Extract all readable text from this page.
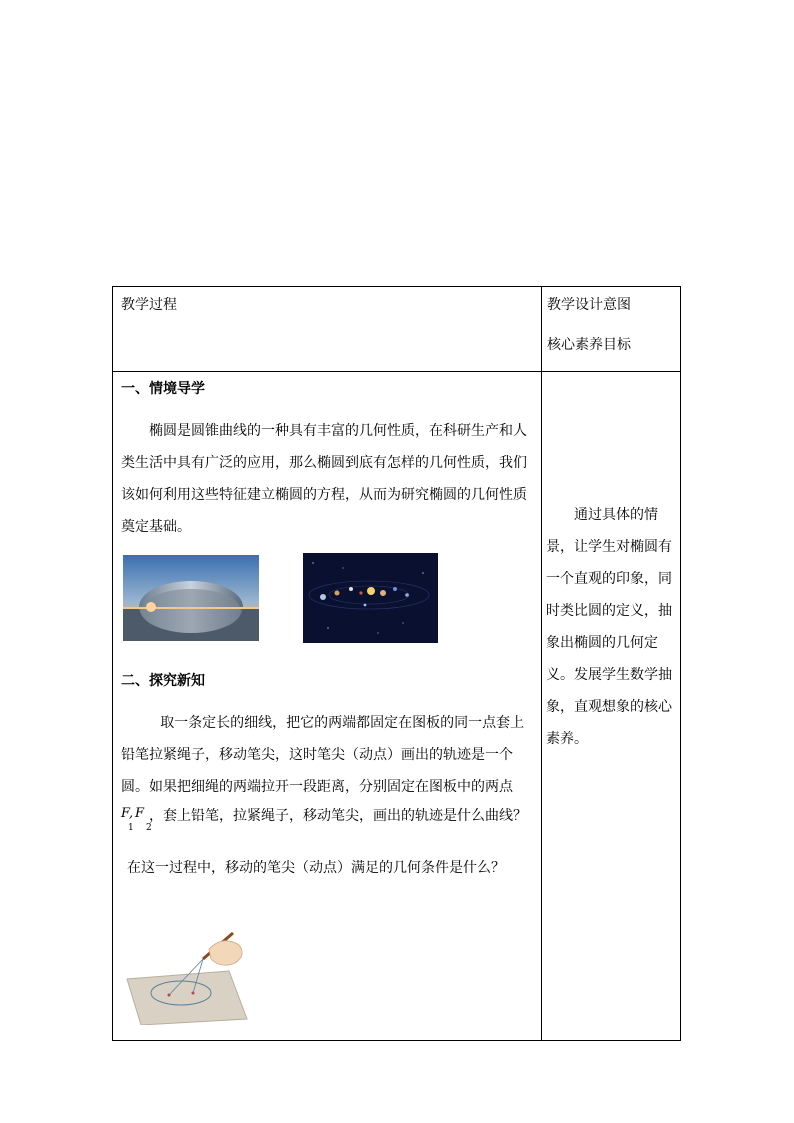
教学过程	教学设计意图
核心素养目标
一、情境导学
椭圆是圆锥曲线的一种具有丰富的几何性质，在科研生产和人类生活中具有广泛的应用，那么椭圆到底有怎样的几何性质，我们该如何利用这些特征建立椭圆的方程，从而为研究椭圆的几何性质奠定基础。
二、探究新知
取一条定长的细线，把它的两端都固定在图板的同一点套上铅笔拉紧绳子，移动笔尖，这时笔尖（动点）画出的轨迹是一个圆。如果把细绳的两端拉开一段距离，分别固定在图板中的两点
F
, F
1 2
，套上铅笔，拉紧绳子，移动笔尖，画出的轨迹是什么曲线？
在这一过程中，移动的笔尖（动点）满足的几何条件是什么？
通过具体的情景，让学生对椭圆有一个直观的印象，同时类比圆的定义，抽象出椭圆的几何定义。发展学生数学抽象，直观想象的核心素养。
